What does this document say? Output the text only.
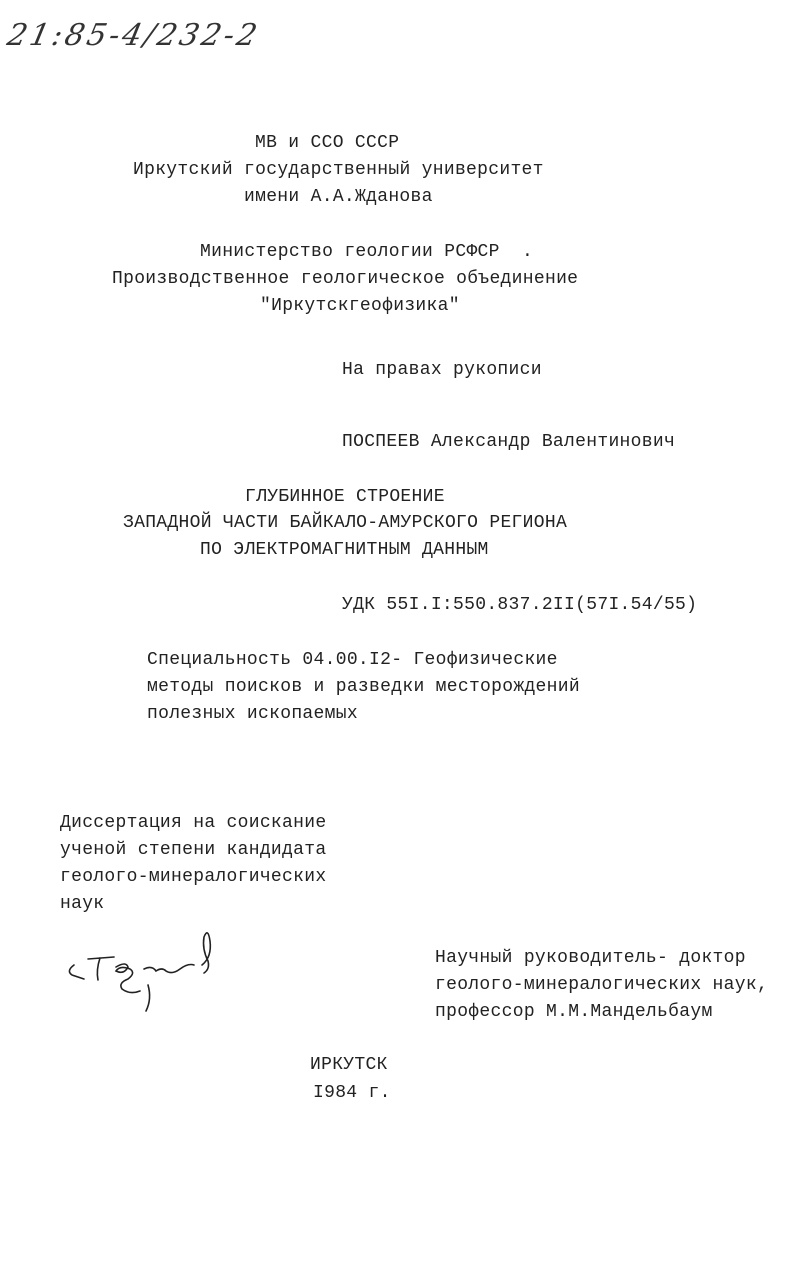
21:85-4/232-2
МВ и ССО СССР
Иркутский государственный университет
имени А.А.Жданова
Министерство геологии РСФСР  .
Производственное геологическое объединение
"Иркутскгеофизика"
На правах рукописи
ПОСПЕЕВ Александр Валентинович
ГЛУБИННОЕ СТРОЕНИЕ
ЗАПАДНОЙ ЧАСТИ БАЙКАЛО-АМУРСКОГО РЕГИОНА
ПО ЭЛЕКТРОМАГНИТНЫМ ДАННЫМ
УДК 55I.I:550.837.2II(57I.54/55)
Специальность 04.00.I2- Геофизические
методы поисков и разведки месторождений
полезных ископаемых
Диссертация на соискание
ученой степени кандидата
геолого-минералогических
наук
Научный руководитель- доктор
геолого-минералогических наук,
профессор М.М.Мандельбаум
ИРКУТСК
I984 г.
